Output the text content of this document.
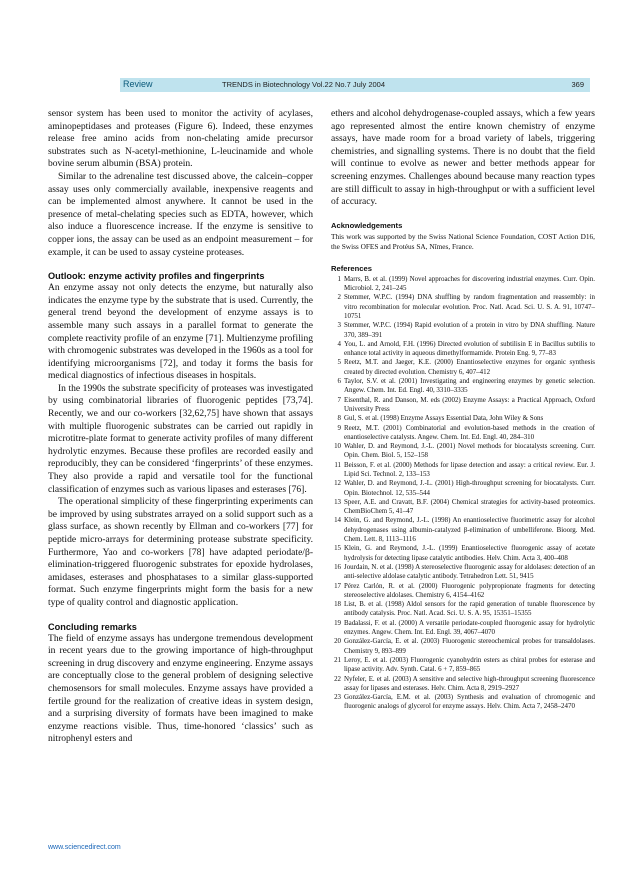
Review	TRENDS in Biotechnology Vol.22 No.7 July 2004	369

sensor system has been used to monitor the activity of acylases, aminopeptidases and proteases (Figure 6). Indeed, these enzymes release free amino acids from non-chelating amide precursor substrates such as N-acetyl-methionine, L-leucinamide and whole bovine serum albumin (BSA) protein.

Similar to the adrenaline test discussed above, the calcein–copper assay uses only commercially available, inexpensive reagents and can be implemented almost anywhere. It cannot be used in the presence of metal-chelating species such as EDTA, however, which also induce a fluorescence increase. If the enzyme is sensitive to copper ions, the assay can be used as an endpoint measurement – for example, it can be used to assay cysteine proteases.

Outlook: enzyme activity profiles and fingerprints

An enzyme assay not only detects the enzyme, but naturally also indicates the enzyme type by the substrate that is used. Currently, the general trend beyond the development of enzyme assays is to assemble many such assays in a parallel format to generate the complete reactivity profile of an enzyme [71]. Multienzyme profiling with chromogenic substrates was developed in the 1960s as a tool for identifying microorganisms [72], and today it forms the basis for medical diagnostics of infectious diseases in hospitals.

In the 1990s the substrate specificity of proteases was investigated by using combinatorial libraries of fluorogenic peptides [73,74]. Recently, we and our co-workers [32,62,75] have shown that assays with multiple fluorogenic substrates can be carried out rapidly in microtitre-plate format to generate activity profiles of many different hydrolytic enzymes. Because these profiles are recorded easily and reproducibly, they can be considered ‘fingerprints’ of these enzymes. They also provide a rapid and versatile tool for the functional classification of enzymes such as various lipases and esterases [76].

The operational simplicity of these fingerprinting experiments can be improved by using substrates arrayed on a solid support such as a glass surface, as shown recently by Ellman and co-workers [77] for peptide micro-arrays for determining protease substrate specificity. Furthermore, Yao and co-workers [78] have adapted periodate/β-elimination-triggered fluorogenic substrates for epoxide hydrolases, amidases, esterases and phosphatases to a similar glass-supported format. Such enzyme fingerprints might form the basis for a new type of quality control and diagnostic application.

Concluding remarks

The field of enzyme assays has undergone tremendous development in recent years due to the growing importance of high-throughput screening in drug discovery and enzyme engineering. Enzyme assays are conceptually close to the general problem of designing selective chemosensors for small molecules. Enzyme assays have provided a fertile ground for the realization of creative ideas in system design, and a surprising diversity of formats have been imagined to make enzyme reactions visible. Thus, time-honored ‘classics’ such as nitrophenyl esters and

ethers and alcohol dehydrogenase-coupled assays, which a few years ago represented almost the entire known chemistry of enzyme assays, have made room for a broad variety of labels, triggering chemistries, and signalling systems. There is no doubt that the field will continue to evolve as newer and better methods appear for screening enzymes. Challenges abound because many reaction types are still difficult to assay in high-throughput or with a sufficient level of accuracy.

Acknowledgements

This work was supported by the Swiss National Science Foundation, COST Action D16, the Swiss OFES and Protéus SA, Nîmes, France.

References
1 Marrs, B. et al. (1999) Novel approaches for discovering industrial enzymes. Curr. Opin. Microbiol. 2, 241–245
2 Stemmer, W.P.C. (1994) DNA shuffling by random fragmentation and reassembly: in vitro recombination for molecular evolution. Proc. Natl. Acad. Sci. U. S. A. 91, 10747–10751
3 Stemmer, W.P.C. (1994) Rapid evolution of a protein in vitro by DNA shuffling. Nature 370, 389–391
4 You, L. and Arnold, F.H. (1996) Directed evolution of subtilisin E in Bacillus subtilis to enhance total activity in aqueous dimethylformamide. Protein Eng. 9, 77–83
5 Reetz, M.T. and Jaeger, K.E. (2000) Enantioselective enzymes for organic synthesis created by directed evolution. Chemistry 6, 407–412
6 Taylor, S.V. et al. (2001) Investigating and engineering enzymes by genetic selection. Angew. Chem. Int. Ed. Engl. 40, 3310–3335
7 Eisenthal, R. and Danson, M. eds (2002) Enzyme Assays: a Practical Approach, Oxford University Press
8 Gul, S. et al. (1998) Enzyme Assays Essential Data, John Wiley & Sons
9 Reetz, M.T. (2001) Combinatorial and evolution-based methods in the creation of enantioselective catalysts. Angew. Chem. Int. Ed. Engl. 40, 284–310
10 Wahler, D. and Reymond, J.-L. (2001) Novel methods for biocatalysts screening. Curr. Opin. Chem. Biol. 5, 152–158
11 Beisson, F. et al. (2000) Methods for lipase detection and assay: a critical review. Eur. J. Lipid Sci. Technol. 2, 133–153
12 Wahler, D. and Reymond, J.-L. (2001) High-throughput screening for biocatalysts. Curr. Opin. Biotechnol. 12, 535–544
13 Speer, A.E. and Cravatt, B.F. (2004) Chemical strategies for activity-based proteomics. ChemBioChem 5, 41–47
14 Klein, G. and Reymond, J.-L. (1998) An enantioselective fluorimetric assay for alcohol dehydrogenases using albumin-catalyzed β-elimination of umbelliferone. Bioorg. Med. Chem. Lett. 8, 1113–1116
15 Klein, G. and Reymond, J.-L. (1999) Enantioselective fluorogenic assay of acetate hydrolysis for detecting lipase catalytic antibodies. Helv. Chim. Acta 3, 400–408
16 Jourdain, N. et al. (1998) A stereoselective fluorogenic assay for aldolases: detection of an anti-selective aldolase catalytic antibody. Tetrahedron Lett. 51, 9415
17 Pérez Carlón, R. et al. (2000) Fluorogenic polypropionate fragments for detecting stereoselective aldolases. Chemistry 6, 4154–4162
18 List, B. et al. (1998) Aldol sensors for the rapid generation of tunable fluorescence by antibody catalysis. Proc. Natl. Acad. Sci. U. S. A. 95, 15351–15355
19 Badalassi, F. et al. (2000) A versatile periodate-coupled fluorogenic assay for hydrolytic enzymes. Angew. Chem. Int. Ed. Engl. 39, 4067–4070
20 González-García, E. et al. (2003) Fluorogenic stereochemical probes for transaldolases. Chemistry 9, 893–899
21 Leroy, E. et al. (2003) Fluorogenic cyanohydrin esters as chiral probes for esterase and lipase activity. Adv. Synth. Catal. 6 + 7, 859–865
22 Nyfeler, E. et al. (2003) A sensitive and selective high-throughput screening fluorescence assay for lipases and esterases. Helv. Chim. Acta 8, 2919–2927
23 González-García, E.M. et al. (2003) Synthesis and evaluation of chromogenic and fluorogenic analogs of glycerol for enzyme assays. Helv. Chim. Acta 7, 2458–2470
www.sciencedirect.com
